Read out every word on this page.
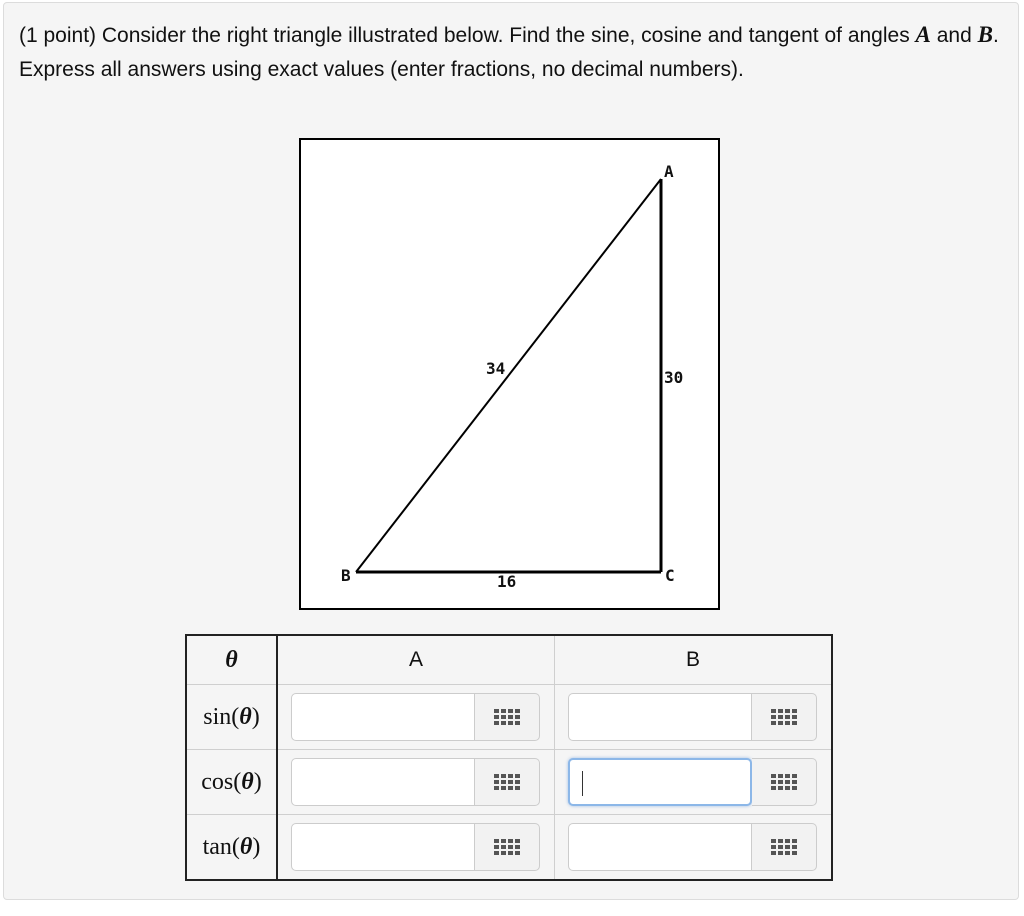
(1 point) Consider the right triangle illustrated below. Find the sine, cosine and tangent of angles A and B. Express all answers using exact values (enter fractions, no decimal numbers).
A
B	C
34	30
16
θ	A	B
sin(θ)	

cos(θ)	

tan(θ)	
